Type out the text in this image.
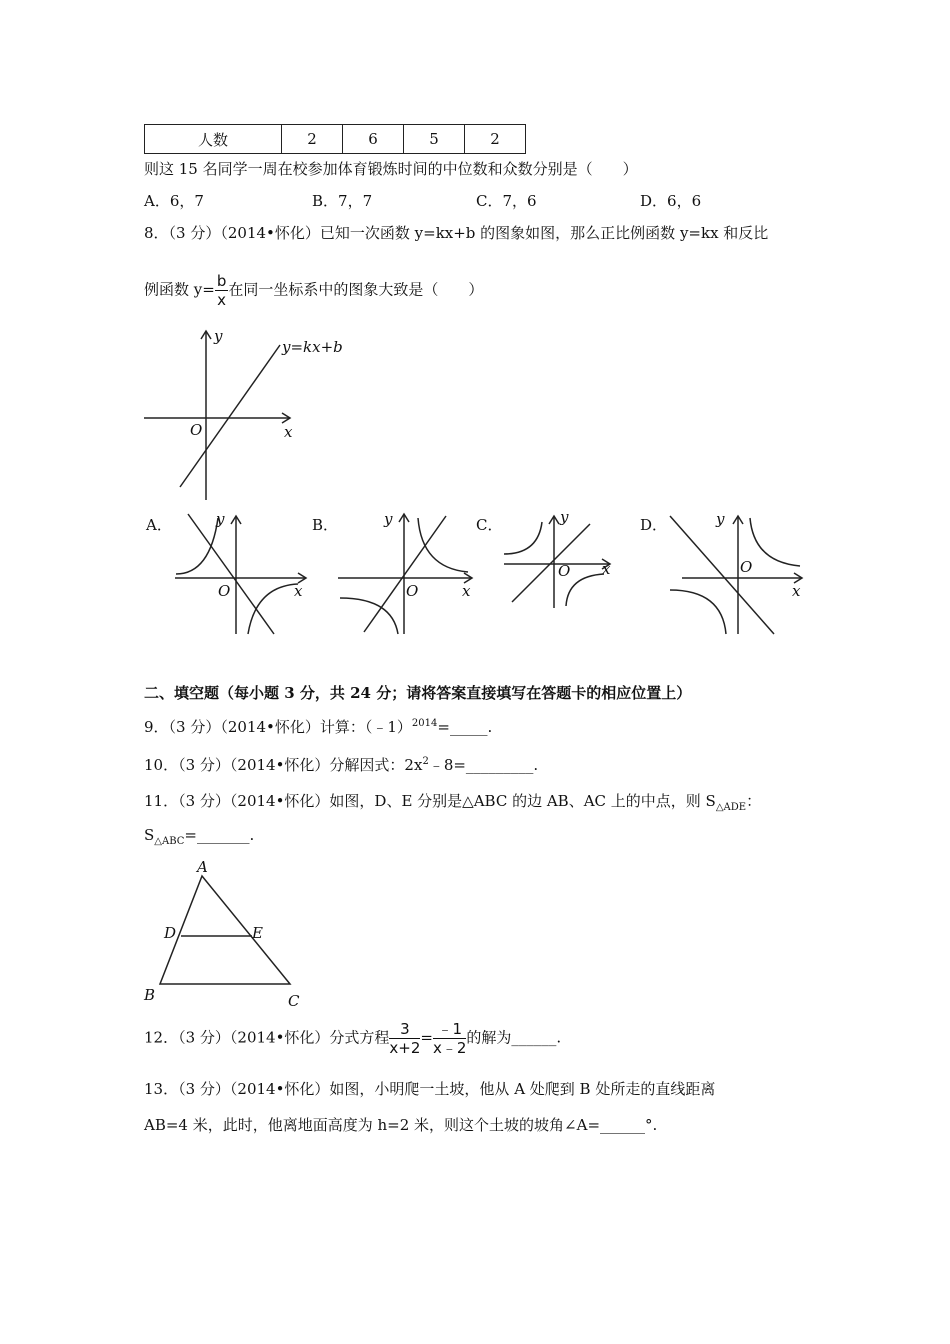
人数	2	6	5	2
则这 15 名同学一周在校参加体育锻炼时间的中位数和众数分别是（　　）
A．6，7	B．7，7	C．7，6	D．6，6
8．（3 分）（2014•怀化）已知一次函数 y=kx+b 的图象如图，那么正比例函数 y=kx 和反比
例函数 $y= \frac{b}{x}$ 在同一坐标系中的图象大致是（　　）
y
x
O
y=kx+b
A．	B．	C．	D．
O	x
y
O	x
y
O x
y
O
x
y
二、填空题（每小题 3 分，共 24 分；请将答案直接填写在答题卡的相应位置上）
9．（3 分）（2014•怀化）计算：（﹣1）$^{2014}$=_____.
10．（3 分）（2014•怀化）分解因式：$2x^2﹣8=\_\_\_\_\_\_\_\_\_$.
11．（3 分）（2014•怀化）如图，D、E 分别是△ABC 的边 AB、AC 上的中点，则 $S_{\triangle ADE}$：
$S_{\triangle ABC}=\_\_\_\_\_\_\_$.
A
D	E
B	C
12．（3 分）（2014•怀化）分式方程 $\frac{3}{x+2} = \frac{﹣1}{x﹣2}$ 的解为______.
13．（3 分）（2014•怀化）如图，小明爬一土坡，他从 A 处爬到 B 处所走的直线距离
AB=4 米，此时，他离地面高度为 h=2 米，则这个土坡的坡角∠A=______°.
